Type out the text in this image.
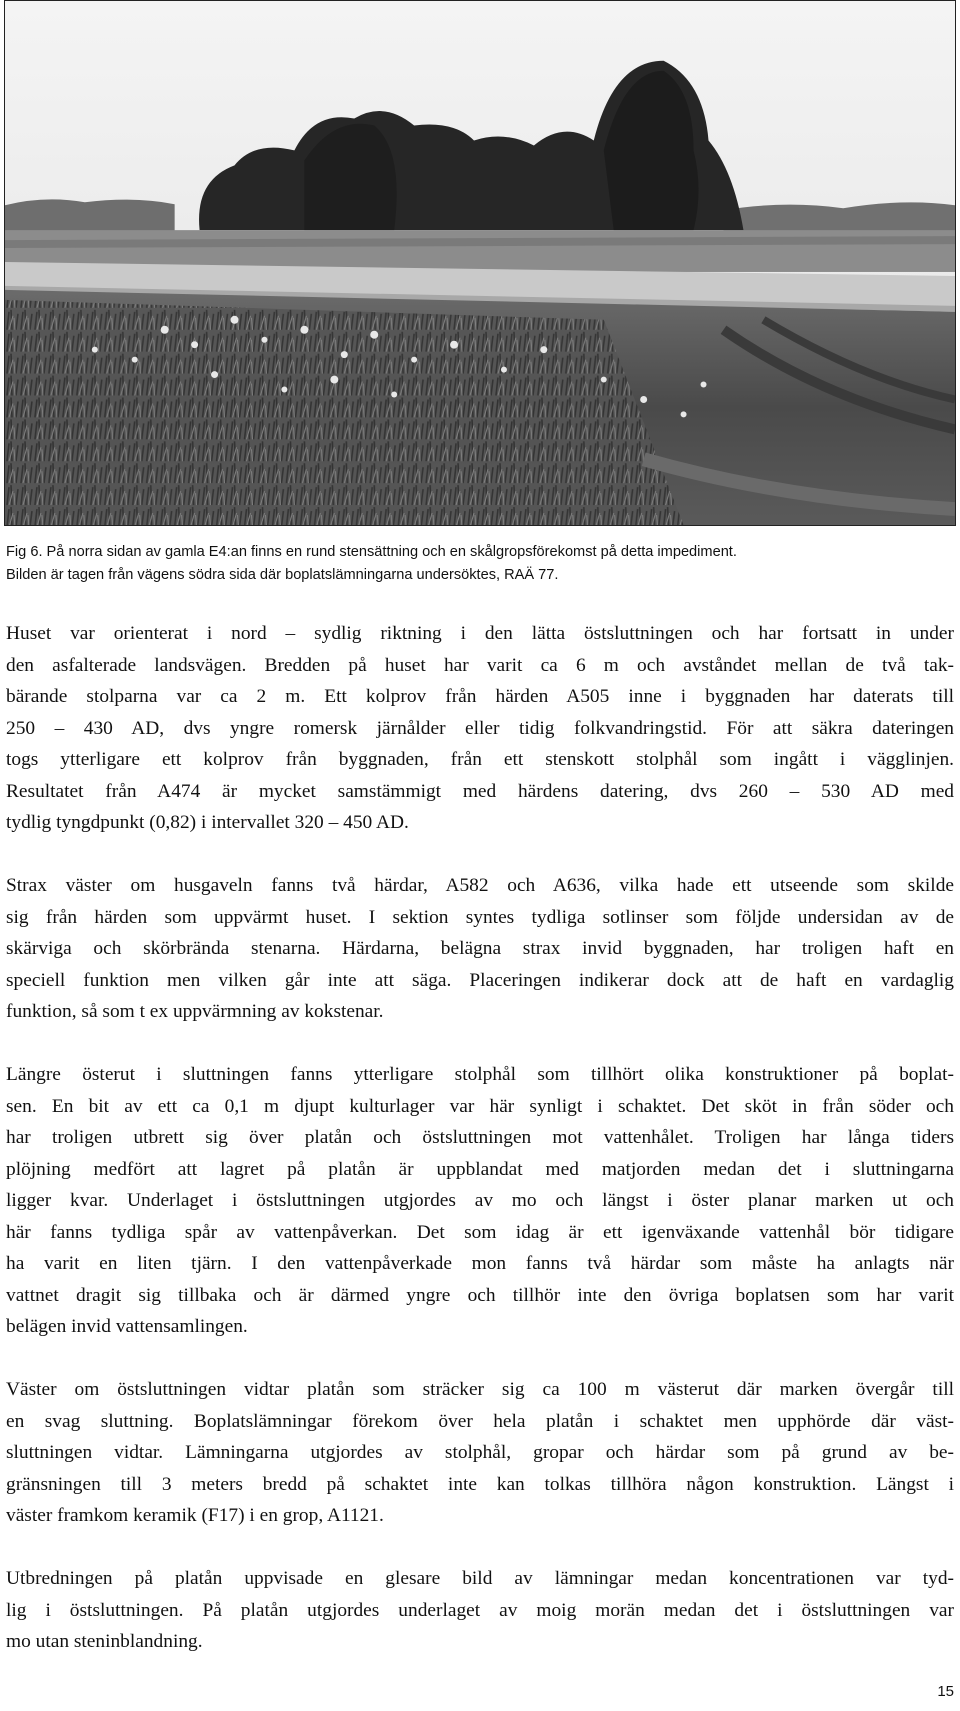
Fig 6. På norra sidan av gamla E4:an finns en rund stensättning och en skålgropsförekomst på detta impediment.
Bilden är tagen från vägens södra sida där boplatslämningarna undersöktes, RAÄ 77.
Huset var orienterat i nord – sydlig riktning i den lätta östsluttningen och har fortsatt in under
den asfalterade landsvägen. Bredden på huset har varit ca 6 m och avståndet mellan de två tak-
bärande stolparna var ca 2 m. Ett kolprov från härden A505 inne i byggnaden har daterats till
250 – 430 AD, dvs yngre romersk järnålder eller tidig folkvandringstid. För att säkra dateringen
togs ytterligare ett kolprov från byggnaden, från ett stenskott stolphål som ingått i vägglinjen.
Resultatet från A474 är mycket samstämmigt med härdens datering, dvs 260 – 530 AD med
tydlig tyngdpunkt (0,82) i intervallet 320 – 450 AD.
Strax väster om husgaveln fanns två härdar, A582 och A636, vilka hade ett utseende som skilde
sig från härden som uppvärmt huset. I sektion syntes tydliga sotlinser som följde undersidan av de
skärviga och skörbrända stenarna. Härdarna, belägna strax invid byggnaden, har troligen haft en
speciell funktion men vilken går inte att säga. Placeringen indikerar dock att de haft en vardaglig
funktion, så som t ex uppvärmning av kokstenar.
Längre österut i sluttningen fanns ytterligare stolphål som tillhört olika konstruktioner på boplat-
sen. En bit av ett ca 0,1 m djupt kulturlager var här synligt i schaktet. Det sköt in från söder och
har troligen utbrett sig över platån och östsluttningen mot vattenhålet. Troligen har långa tiders
plöjning medfört att lagret på platån är uppblandat med matjorden medan det i sluttningarna
ligger kvar. Underlaget i östsluttningen utgjordes av mo och längst i öster planar marken ut och
här fanns tydliga spår av vattenpåverkan. Det som idag är ett igenväxande vattenhål bör tidigare
ha varit en liten tjärn. I den vattenpåverkade mon fanns två härdar som måste ha anlagts när
vattnet dragit sig tillbaka och är därmed yngre och tillhör inte den övriga boplatsen som har varit
belägen invid vattensamlingen.
Väster om östsluttningen vidtar platån som sträcker sig ca 100 m västerut där marken övergår till
en svag sluttning. Boplatslämningar förekom över hela platån i schaktet men upphörde där väst-
sluttningen vidtar. Lämningarna utgjordes av stolphål, gropar och härdar som på grund av be-
gränsningen till 3 meters bredd på schaktet inte kan tolkas tillhöra någon konstruktion. Längst i
väster framkom keramik (F17) i en grop, A1121.
Utbredningen på platån uppvisade en glesare bild av lämningar medan koncentrationen var tyd-
lig i östsluttningen. På platån utgjordes underlaget av moig morän medan det i östsluttningen var
mo utan steninblandning.
15
